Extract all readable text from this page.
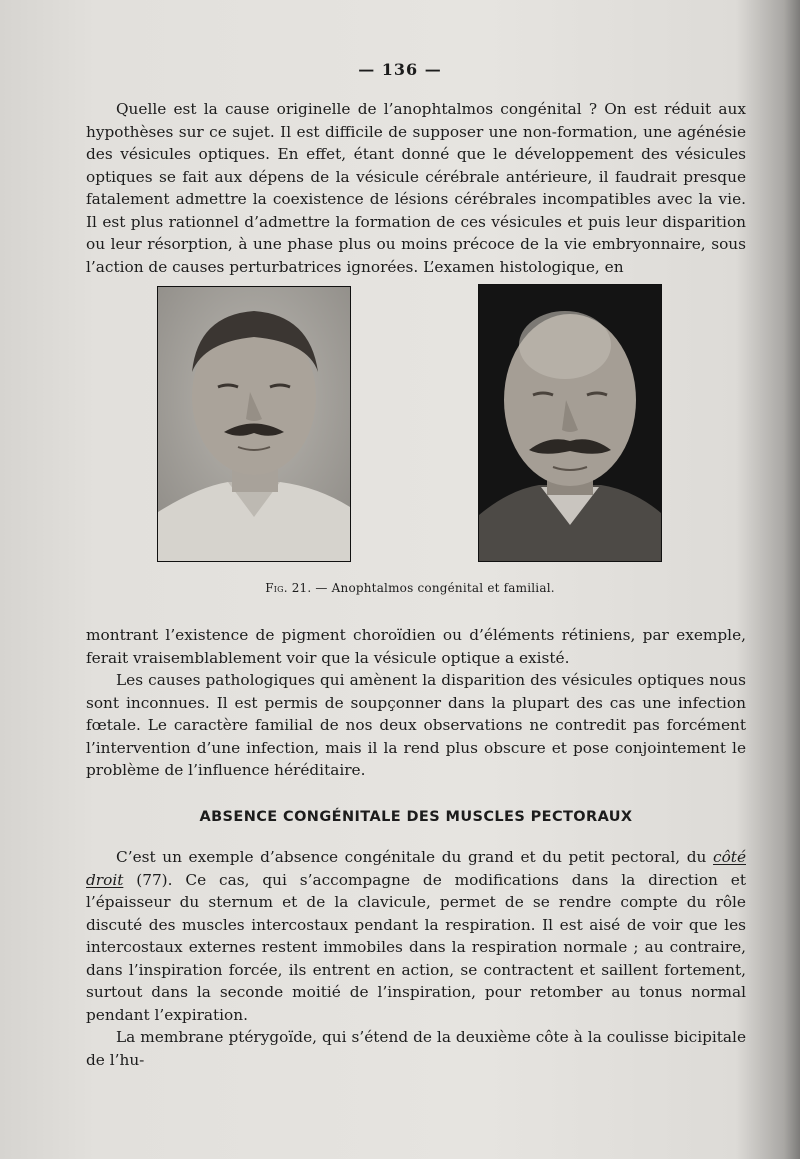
— 136 —

Quelle est la cause originelle de l’anophtalmos congénital ? On est réduit aux hypothèses sur ce sujet. Il est difficile de supposer une non-formation, une agénésie des vésicules optiques. En effet, étant donné que le développement des vésicules optiques se fait aux dépens de la vésicule cérébrale antérieure, il faudrait presque fatalement admettre la coexistence de lésions cérébrales incompatibles avec la vie. Il est plus rationnel d’admettre la formation de ces vésicules et puis leur disparition ou leur résorption, à une phase plus ou moins précoce de la vie embryonnaire, sous l’action de causes perturbatrices ignorées. L’examen histologique, en

Fig. 21. — Anophtalmos congénital et familial.

montrant l’existence de pigment choroïdien ou d’éléments rétiniens, par exemple, ferait vraisemblablement voir que la vésicule optique a existé.

Les causes pathologiques qui amènent la disparition des vésicules optiques nous sont inconnues. Il est permis de soupçonner dans la plupart des cas une infection fœtale. Le caractère familial de nos deux observations ne contredit pas forcément l’intervention d’une infection, mais il la rend plus obscure et pose conjointement le problème de l’influence héréditaire.

ABSENCE CONGÉNITALE DES MUSCLES PECTORAUX

C’est un exemple d’absence congénitale du grand et du petit pectoral, du côté droit (77). Ce cas, qui s’accompagne de modifications dans la direction et l’épaisseur du sternum et de la clavicule, permet de se rendre compte du rôle discuté des muscles intercostaux pendant la respiration. Il est aisé de voir que les intercostaux externes restent immobiles dans la respiration normale ; au contraire, dans l’inspiration forcée, ils entrent en action, se contractent et saillent fortement, surtout dans la seconde moitié de l’inspiration, pour retomber au tonus normal pendant l’expiration.

La membrane ptérygoïde, qui s’étend de la deuxième côte à la coulisse bicipitale de l’hu-
